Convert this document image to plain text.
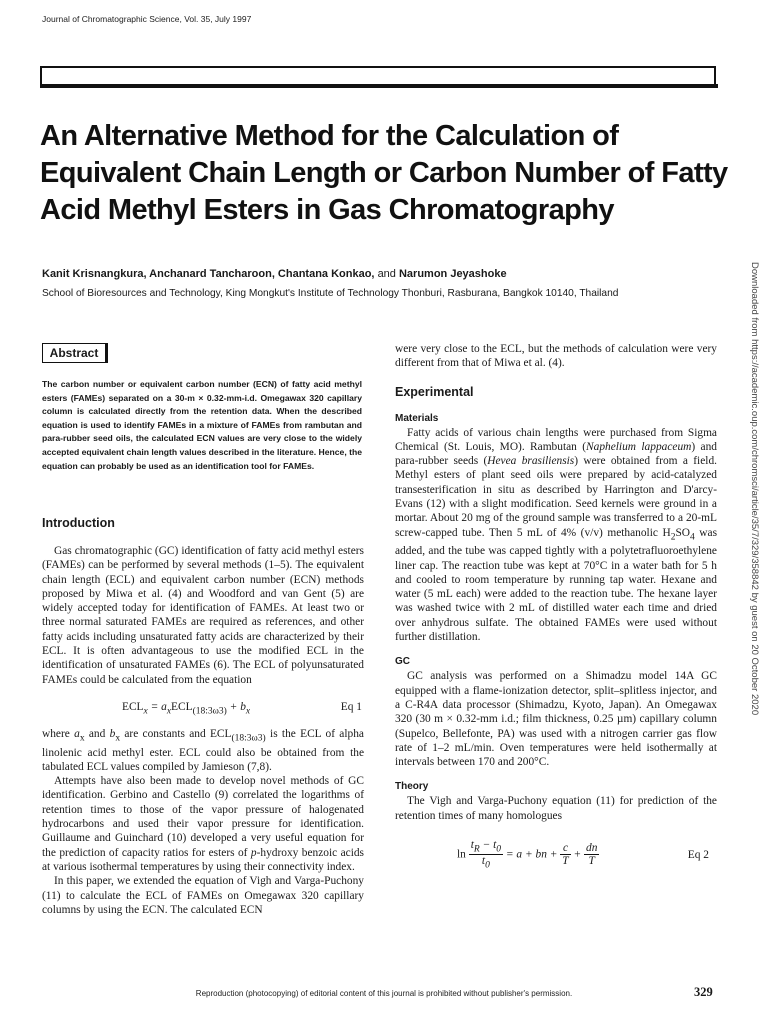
Journal of Chromatographic Science, Vol. 35, July 1997
An Alternative Method for the Calculation of Equivalent Chain Length or Carbon Number of Fatty Acid Methyl Esters in Gas Chromatography
Kanit Krisnangkura, Anchanard Tancharoon, Chantana Konkao, and Narumon Jeyashoke
School of Bioresources and Technology, King Mongkut's Institute of Technology Thonburi, Rasburana, Bangkok 10140, Thailand	Downloaded from https://academic.oup.com/chromsci/article/35/7/329/358842 by guest on 20 October 2020
Abstract

The carbon number or equivalent carbon number (ECN) of fatty acid methyl esters (FAMEs) separated on a 30-m × 0.32-mm-i.d. Omegawax 320 capillary column is calculated directly from the retention data. When the described equation is used to identify FAMEs in a mixture of FAMEs from rambutan and para-rubber seed oils, the calculated ECN values are very close to the widely accepted equivalent chain length values described in the literature. Hence, the equation can probably be used as an identification tool for FAMEs.

Introduction

Gas chromatographic (GC) identification of fatty acid methyl esters (FAMEs) can be performed by several methods (1–5). The equivalent chain length (ECL) and equivalent carbon number (ECN) methods proposed by Miwa et al. (4) and Woodford and van Gent (5) are widely accepted today for identification of FAMEs. At least two or three normal saturated FAMEs are required as references, and other fatty acids including unsaturated fatty acids are characterized by their ECL. It is often advantageous to use the modified ECL in the identification of unsaturated FAMEs (6). The ECL of polyunsaturated FAMEs could be calculated from the equation

$ECL_x = a_xECL_{(18:3\omega 3)} + b_x$	Eq 1

where $a_x$ and $b_x$ are constants and $ECL_{(18:3\omega 3)}$ is the ECL of alpha linolenic acid methyl ester. ECL could also be obtained from the tabulated ECL values compiled by Jamieson (7,8).

Attempts have also been made to develop novel methods of GC identification. Gerbino and Castello (9) correlated the logarithms of retention times to those of the vapor pressure of halogenated hydrocarbons and used their vapor pressure for identification. Guillaume and Guinchard (10) developed a very useful equation for the prediction of capacity ratios for esters of p-hydroxy benzoic acids at various isothermal temperatures by using their connectivity index.

In this paper, we extended the equation of Vigh and Varga-Puchony (11) to calculate the ECL of FAMEs on Omegawax 320 capillary columns by using the ECN. The calculated ECN

were very close to the ECL, but the methods of calculation were very different from that of Miwa et al. (4).

Experimental
Materials

Fatty acids of various chain lengths were purchased from Sigma Chemical (St. Louis, MO). Rambutan (Naphelium lappaceum) and para-rubber seeds (Hevea brasiliensis) were obtained from a field. Methyl esters of plant seed oils were prepared by acid-catalyzed transesterification in situ as described by Harrington and D'arcy-Evans (12) with a slight modification. Seed kernels were ground in a mortar. About 20 mg of the ground sample was transferred to a 20-mL screw-capped tube. Then 5 mL of 4% (v/v) methanolic $H_2SO_4$ was added, and the tube was capped tightly with a polytetrafluoroethylene liner cap. The reaction tube was kept at 70°C in a water bath for 5 h and cooled to room temperature by running tap water. Hexane and water (5 mL each) were added to the reaction tube. The hexane layer was washed twice with 2 mL of distilled water each time and dried over anhydrous sulfate. The obtained FAMEs were used without further distillation.

GC

GC analysis was performed on a Shimadzu model 14A GC equipped with a flame-ionization detector, split–splitless injector, and a C-R4A data processor (Shimadzu, Kyoto, Japan). An Omegawax 320 (30 m × 0.32-mm i.d.; film thickness, 0.25 µm) capillary column (Supelco, Bellefonte, PA) was used with a nitrogen carrier gas flow rate of 1–2 mL/min. Oven temperatures were held isothermally at intervals between 170 and 200°C.

Theory

The Vigh and Varga-Puchony equation (11) for prediction of the retention times of many homologues

$\ln \frac{t_R - t_0}{t_0} = a$ + bn + $\frac{c}{T} + \frac{dn}{T}$	Eq 2
Reproduction (photocopying) of editorial content of this journal is prohibited without publisher's permission.	329
